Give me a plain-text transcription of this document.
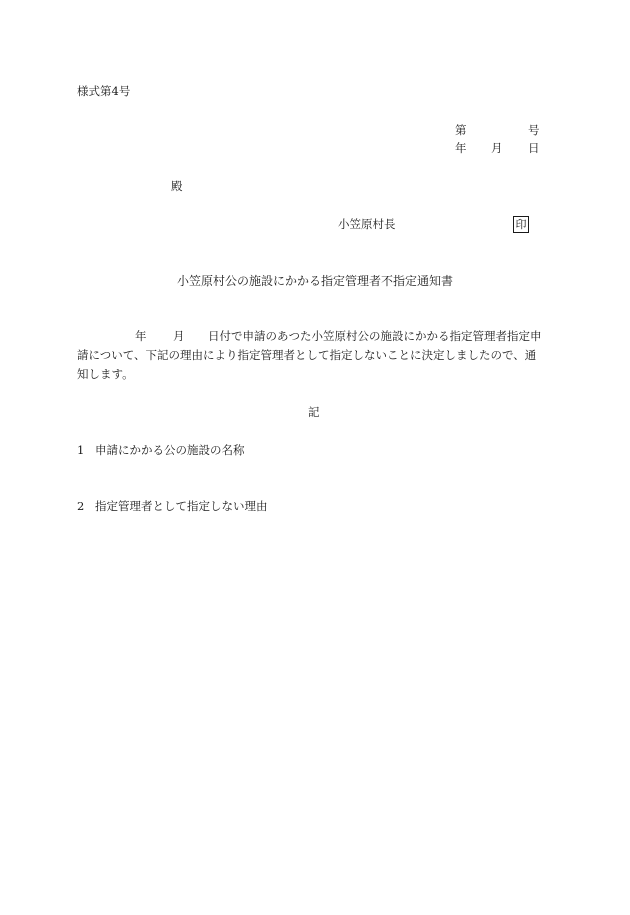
様式第4号
第	号
年 月 日
殿
小笠原村長	印
小笠原村公の施設にかかる指定管理者不指定通知書
年 月 日付で申請のあつた小笠原村公の施設にかかる指定管理者指定申
請について、下記の理由により指定管理者として指定しないことに決定しましたので、通
知します。
記
1 申請にかかる公の施設の名称
2 指定管理者として指定しない理由
